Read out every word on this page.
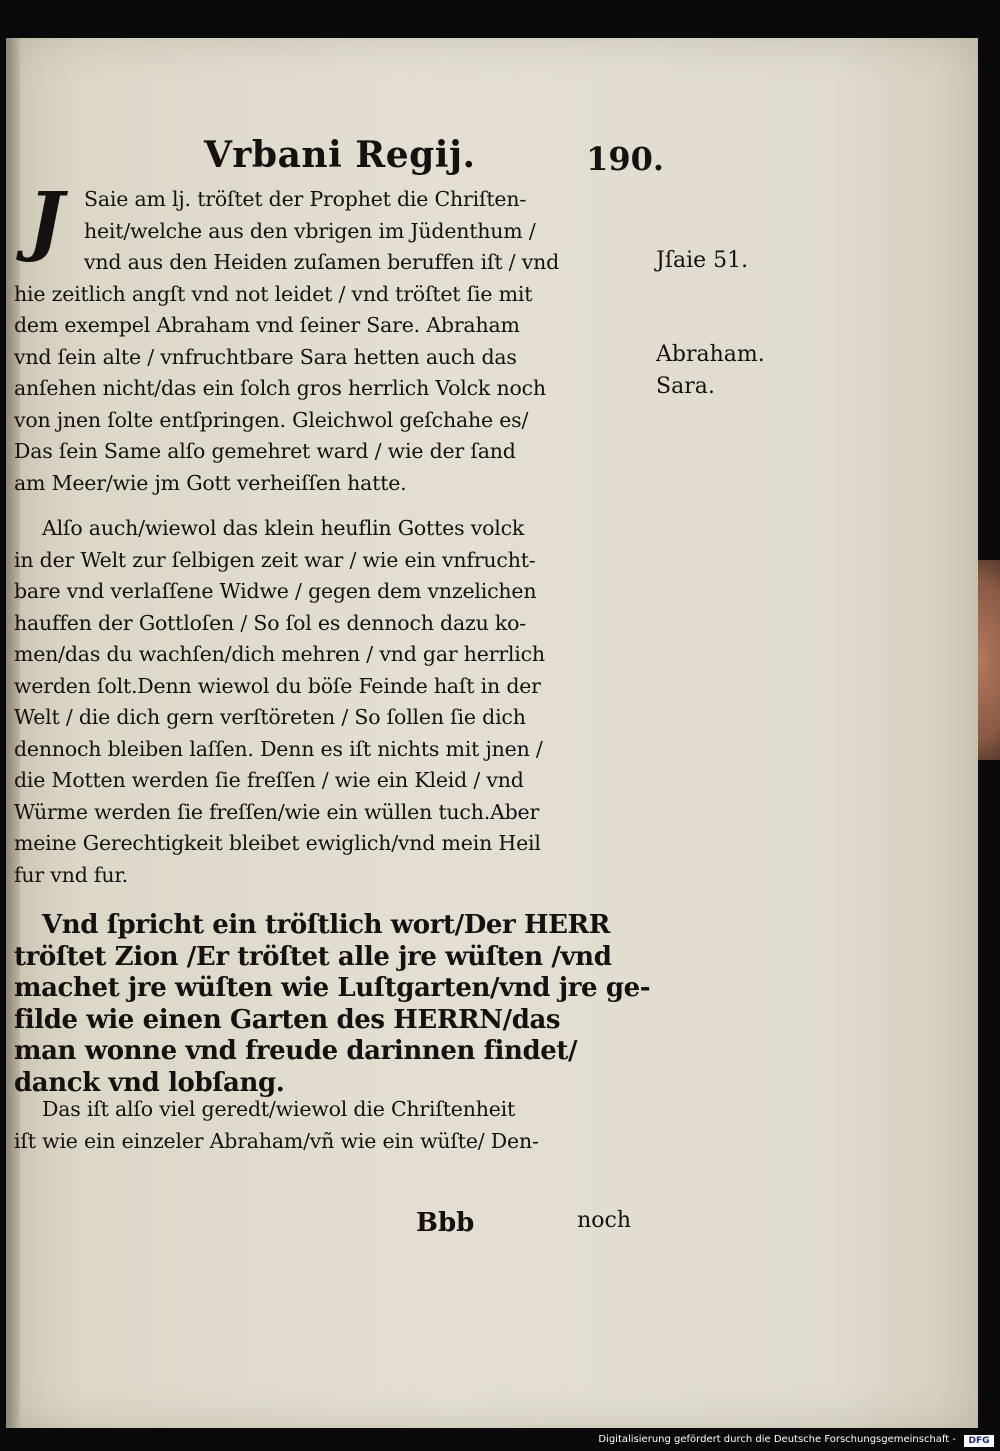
Vrbani Regij.	190.
J Saie am lj. tröſtet der Prophet die Chriſten-
heit/welche aus den vbrigen im Jüdenthum /
vnd aus den Heiden zuſamen beruffen iſt / vnd
hie zeitlich angſt vnd not leidet / vnd tröſtet ſie mit
dem exempel Abraham vnd ſeiner Sare. Abraham
vnd ſein alte / vnfruchtbare Sara hetten auch das
anſehen nicht/das ein ſolch gros herrlich Volck noch
von jnen ſolte entſpringen. Gleichwol geſchahe es/
Das ſein Same alſo gemehret ward / wie der ſand
am Meer/wie jm Gott verheiſſen hatte.
Alſo auch/wiewol das klein heuflin Gottes volck
in der Welt zur ſelbigen zeit war / wie ein vnfrucht-
bare vnd verlaſſene Widwe / gegen dem vnzelichen
hauffen der Gottloſen / So ſol es dennoch dazu ko-
men/das du wachſen/dich mehren / vnd gar herrlich
werden ſolt.Denn wiewol du böſe Feinde haſt in der
Welt / die dich gern verſtöreten / So ſollen ſie dich
dennoch bleiben laſſen. Denn es iſt nichts mit jnen /
die Motten werden ſie freſſen / wie ein Kleid / vnd
Würme werden ſie freſſen/wie ein wüllen tuch.Aber
meine Gerechtigkeit bleibet ewiglich/vnd mein Heil
fur vnd fur.
Vnd ſpricht ein tröſtlich wort/Der HERR
tröſtet Zion /Er tröſtet alle jre wüſten /vnd
machet jre wüſten wie Luſtgarten/vnd jre ge-
filde wie einen Garten des HERRN/das
man wonne vnd freude darinnen findet/
danck vnd lobſang.
Das iſt alſo viel geredt/wiewol die Chriſtenheit
iſt wie ein einzeler Abraham/vñ wie ein wüſte/ Den-
Jſaie 51.
Abraham.
Sara.
Bbb	noch
Digitalisierung gefördert durch die Deutsche Forschungsgemeinschaft -	DFG
